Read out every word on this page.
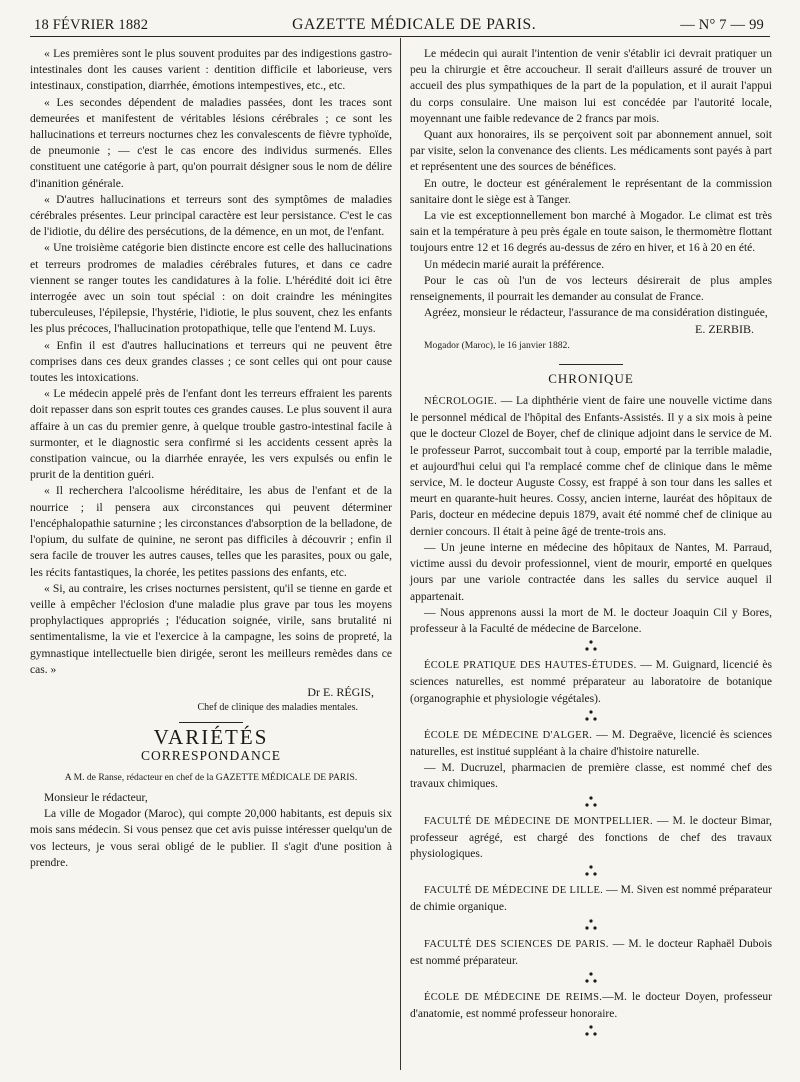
18 FÉVRIER 1882	GAZETTE MÉDICALE DE PARIS.	— N° 7 — 99

« Les premières sont le plus souvent produites par des indigestions gastro-intestinales dont les causes varient : dentition difficile et laborieuse, vers intestinaux, constipation, diarrhée, émotions intempestives, etc., etc.

« Les secondes dépendent de maladies passées, dont les traces sont demeurées et manifestent de véritables lésions cérébrales ; ce sont les hallucinations et terreurs nocturnes chez les convalescents de fièvre typhoïde, de pneumonie ; — c'est le cas encore des individus surmenés. Elles constituent une catégorie à part, qu'on pourrait désigner sous le nom de délire d'inanition générale.

« D'autres hallucinations et terreurs sont des symptômes de maladies cérébrales présentes. Leur principal caractère est leur persistance. C'est le cas de l'idiotie, du délire des persécutions, de la démence, en un mot, de l'enfant.

« Une troisième catégorie bien distincte encore est celle des hallucinations et terreurs prodromes de maladies cérébrales futures, et dans ce cadre viennent se ranger toutes les candidatures à la folie. L'hérédité doit ici être interrogée avec un soin tout spécial : on doit craindre les méningites tuberculeuses, l'épilepsie, l'hystérie, l'idiotie, le plus souvent, chez les enfants les plus précoces, l'hallucination protopathique, telle que l'entend M. Luys.

« Enfin il est d'autres hallucinations et terreurs qui ne peuvent être comprises dans ces deux grandes classes ; ce sont celles qui ont pour cause toutes les intoxications.

« Le médecin appelé près de l'enfant dont les terreurs effraient les parents doit repasser dans son esprit toutes ces grandes causes. Le plus souvent il aura affaire à un cas du premier genre, à quelque trouble gastro-intestinal facile à surmonter, et le diagnostic sera confirmé si les accidents cessent après la constipation vaincue, ou la diarrhée enrayée, les vers expulsés ou enfin le prurit de la dentition guéri.

« Il recherchera l'alcoolisme héréditaire, les abus de l'enfant et de la nourrice ; il pensera aux circonstances qui peuvent déterminer l'encéphalopathie saturnine ; les circonstances d'absorption de la belladone, de l'opium, du sulfate de quinine, ne seront pas difficiles à découvrir ; enfin il sera facile de trouver les autres causes, telles que les parasites, poux ou gale, les récits fantastiques, la chorée, les petites passions des enfants, etc.

« Si, au contraire, les crises nocturnes persistent, qu'il se tienne en garde et veille à empêcher l'éclosion d'une maladie plus grave par tous les moyens prophylactiques appropriés ; l'éducation soignée, virile, sans brutalité ni sentimentalisme, la vie et l'exercice à la campagne, les soins de propreté, la gymnastique intellectuelle bien dirigée, seront les meilleurs remèdes dans ce cas. »

Dr E. RÉGIS,
Chef de clinique des maladies mentales.
VARIÉTÉS
CORRESPONDANCE
A M. de Ranse, rédacteur en chef de la GAZETTE MÉDICALE DE PARIS.

Monsieur le rédacteur,

La ville de Mogador (Maroc), qui compte 20,000 habitants, est depuis six mois sans médecin. Si vous pensez que cet avis puisse intéresser quelqu'un de vos lecteurs, je vous serai obligé de le publier. Il s'agit d'une position à prendre.

Le médecin qui aurait l'intention de venir s'établir ici devrait pratiquer un peu la chirurgie et être accoucheur. Il serait d'ailleurs assuré de trouver un accueil des plus sympathiques de la part de la population, et il aurait l'appui du corps consulaire. Une maison lui est concédée par l'autorité locale, moyennant une faible redevance de 2 francs par mois.

Quant aux honoraires, ils se perçoivent soit par abonnement annuel, soit par visite, selon la convenance des clients. Les médicaments sont payés à part et représentent une des sources de bénéfices.

En outre, le docteur est généralement le représentant de la commission sanitaire dont le siège est à Tanger.

La vie est exceptionnellement bon marché à Mogador. Le climat est très sain et la température à peu près égale en toute saison, le thermomètre flottant toujours entre 12 et 16 degrés au-dessus de zéro en hiver, et 16 à 20 en été.

Un médecin marié aurait la préférence.

Pour le cas où l'un de vos lecteurs désirerait de plus amples renseignements, il pourrait les demander au consulat de France.

Agréez, monsieur le rédacteur, l'assurance de ma considération distinguée,

E. ZERBIB.

Mogador (Maroc), le 16 janvier 1882.

CHRONIQUE

NÉCROLOGIE. — La diphthérie vient de faire une nouvelle victime dans le personnel médical de l'hôpital des Enfants-Assistés. Il y a six mois à peine que le docteur Clozel de Boyer, chef de clinique adjoint dans le service de M. le professeur Parrot, succombait tout à coup, emporté par la terrible maladie, et aujourd'hui celui qui l'a remplacé comme chef de clinique dans le même service, M. le docteur Auguste Cossy, est frappé à son tour dans les salles et meurt en quarante-huit heures. Cossy, ancien interne, lauréat des hôpitaux de Paris, docteur en médecine depuis 1879, avait été nommé chef de clinique au dernier concours. Il était à peine âgé de trente-trois ans.

— Un jeune interne en médecine des hôpitaux de Nantes, M. Parraud, victime aussi du devoir professionnel, vient de mourir, emporté en quelques jours par une variole contractée dans les salles du service auquel il appartenait.

— Nous apprenons aussi la mort de M. le docteur Joaquin Cil y Bores, professeur à la Faculté de médecine de Barcelone.

ÉCOLE PRATIQUE DES HAUTES-ÉTUDES. — M. Guignard, licencié ès sciences naturelles, est nommé préparateur au laboratoire de botanique (organographie et physiologie végétales).

ÉCOLE DE MÉDECINE D'ALGER. — M. Degraëve, licencié ès sciences naturelles, est institué suppléant à la chaire d'histoire naturelle.

— M. Ducruzel, pharmacien de première classe, est nommé chef des travaux chimiques.

FACULTÉ DE MÉDECINE DE MONTPELLIER. — M. le docteur Bimar, professeur agrégé, est chargé des fonctions de chef des travaux physiologiques.

FACULTÉ DE MÉDECINE DE LILLE. — M. Siven est nommé préparateur de chimie organique.

FACULTÉ DES SCIENCES DE PARIS. — M. le docteur Raphaël Dubois est nommé préparateur.

ÉCOLE DE MÉDECINE DE REIMS.—M. le docteur Doyen, professeur d'anatomie, est nommé professeur honoraire.
